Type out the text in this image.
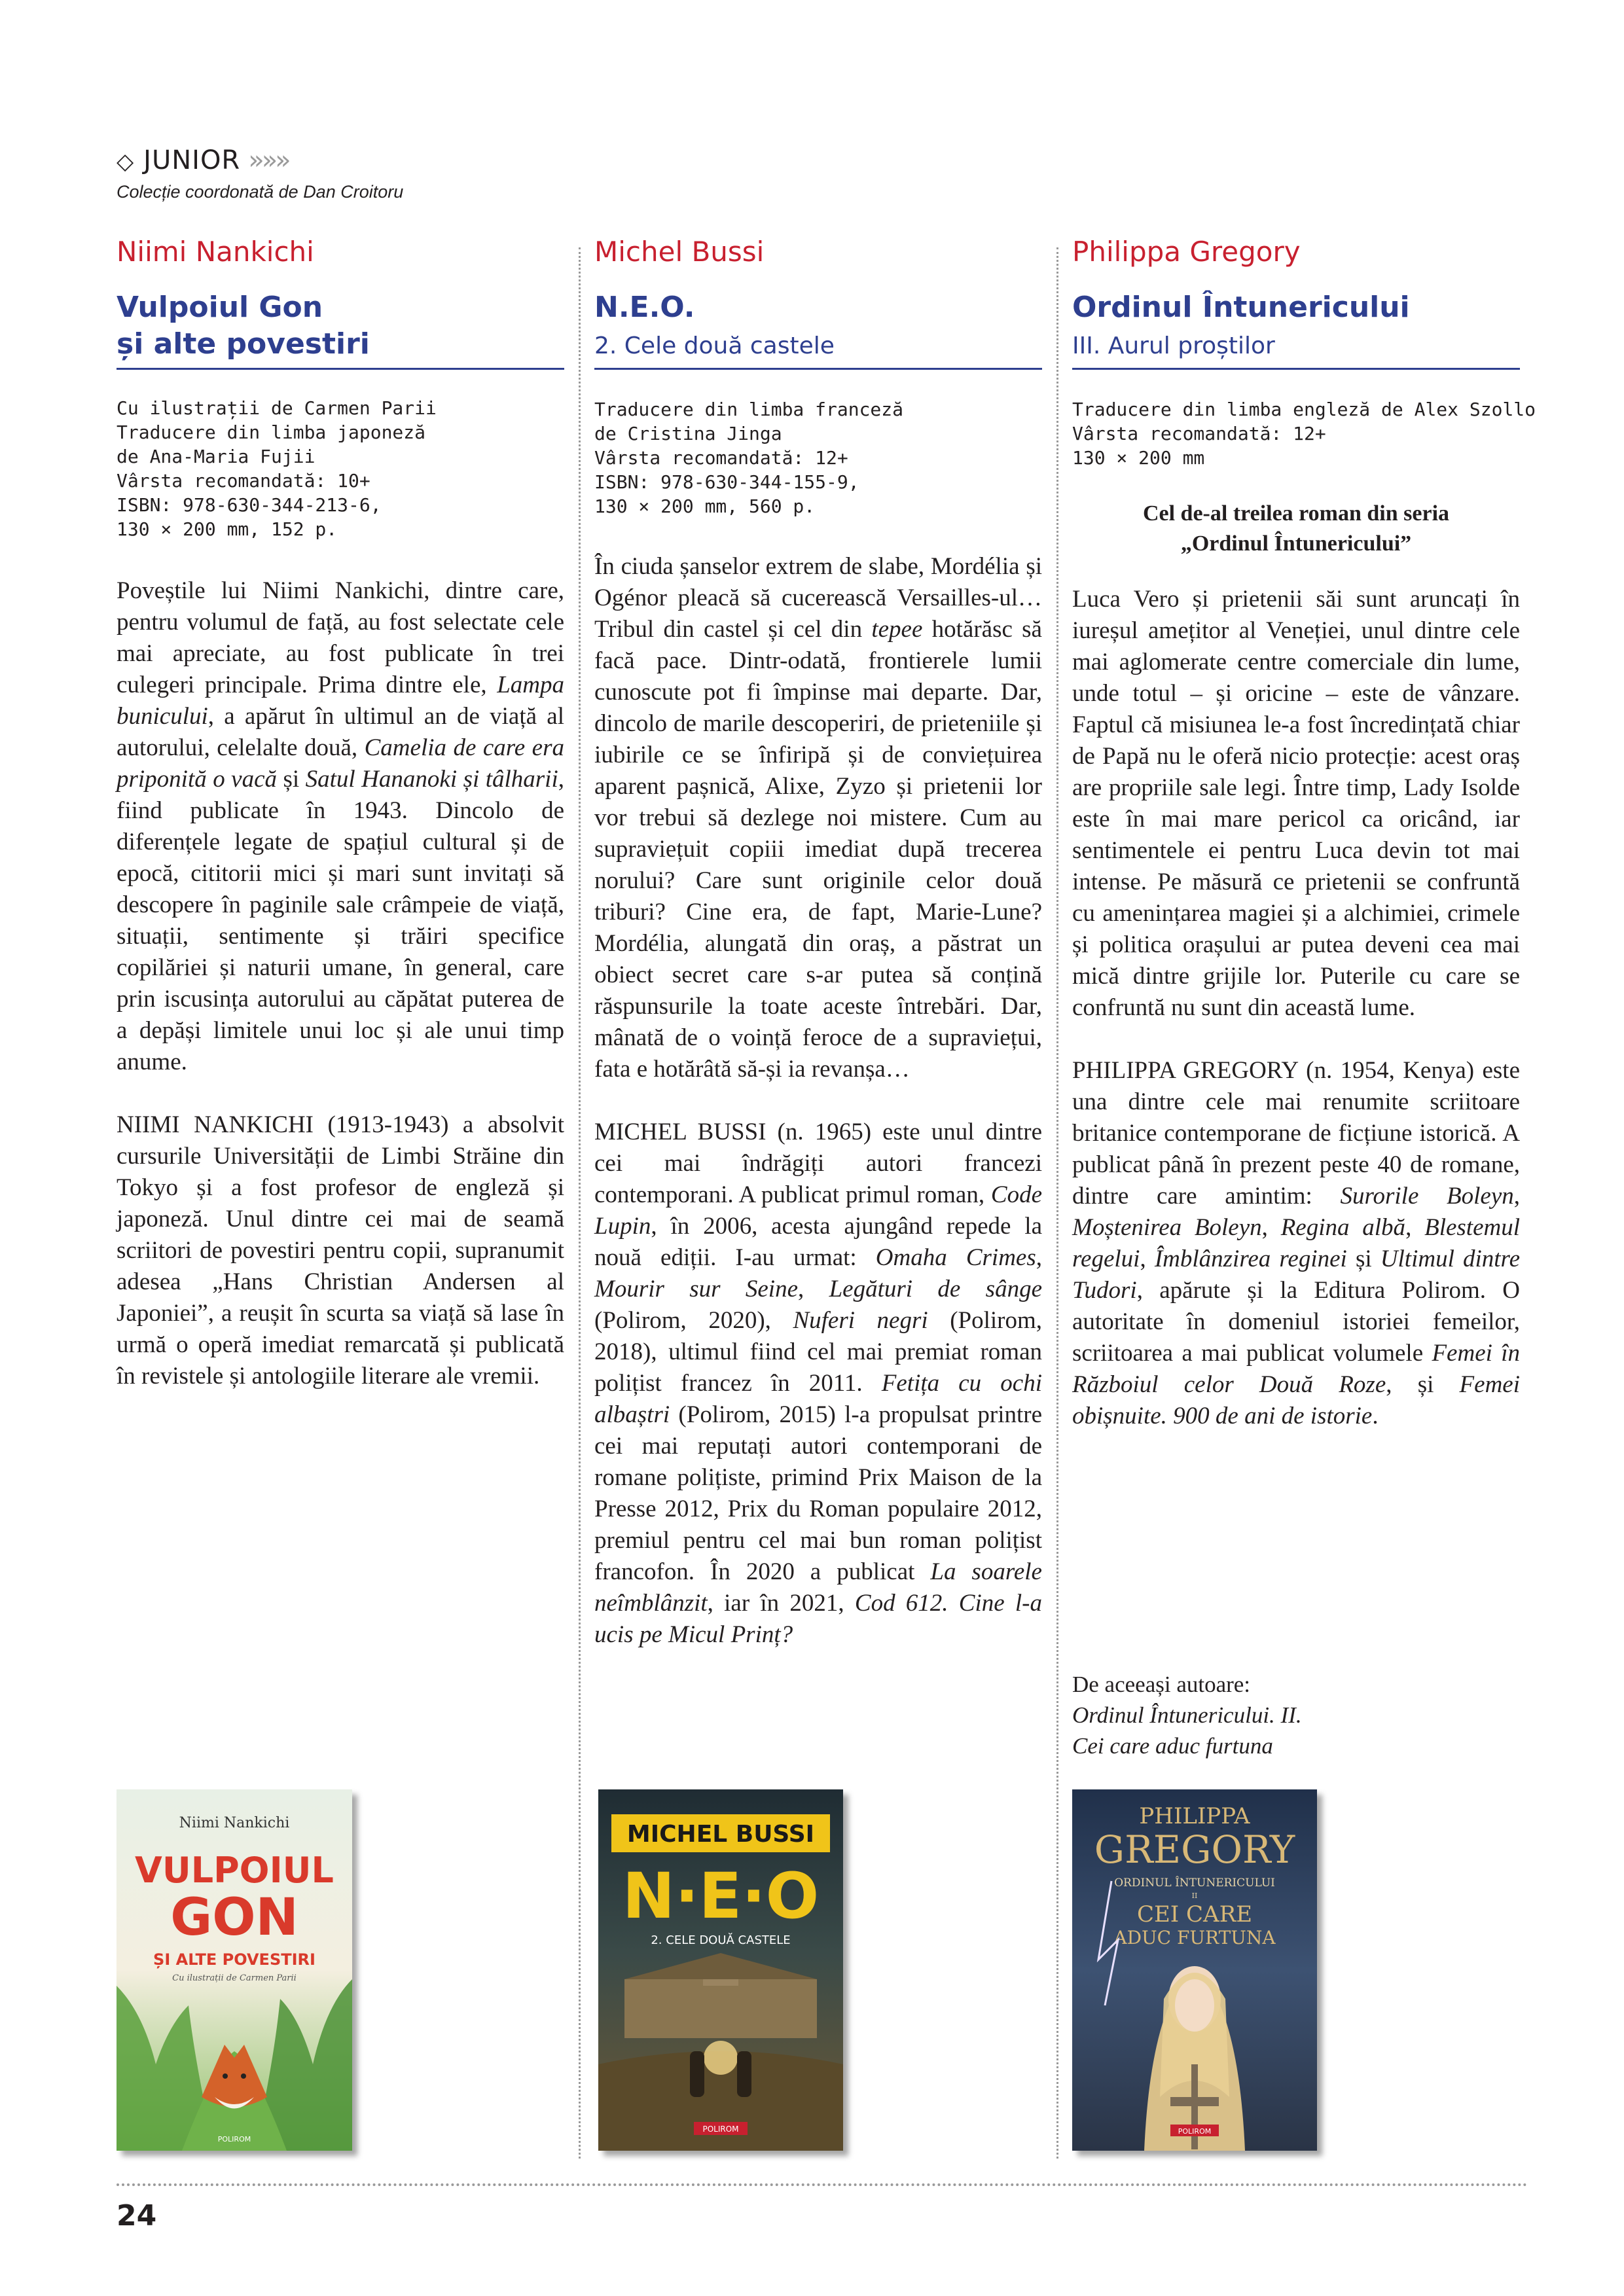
◇ JUNIOR »»»
Colecție coordonată de Dan Croitoru
Niimi Nankichi
Vulpoiul Gon
și alte povestiri
Cu ilustrații de Carmen Parii
Traducere din limba japoneză
de Ana-Maria Fujii
Vârsta recomandată: 10+
ISBN: 978-630-344-213-6,
130 × 200 mm, 152 p.

Poveștile lui Niimi Nankichi, dintre care, pentru volumul de față, au fost selectate cele mai apreciate, au fost publicate în trei culegeri principale. Prima dintre ele, Lampa bunicului, a apărut în ultimul an de viață al autorului, celelalte două, Camelia de care era priponită o vacă și Satul Hananoki și tâlharii, fiind publicate în 1943. Dincolo de diferențele legate de spațiul cultural și de epocă, cititorii mici și mari sunt invitați să descopere în paginile sale crâmpeie de viață, situații, sentimente și trăiri specifice copilăriei și naturii umane, în general, care prin iscusința autorului au căpătat puterea de a depăși limitele unui loc și ale unui timp anume.

NIIMI NANKICHI (1913-1943) a absolvit cursurile Universității de Limbi Străine din Tokyo și a fost profesor de engleză și japoneză. Unul dintre cei mai de seamă scriitori de povestiri pentru copii, supranumit adesea „Hans Christian Andersen al Japoniei”, a reușit în scurta sa viață să lase în urmă o operă imediat remarcată și publicată în revistele și antologiile literare ale vremii.

Michel Bussi
N.E.O.
2. Cele două castele
Traducere din limba franceză
de Cristina Jinga
Vârsta recomandată: 12+
ISBN: 978-630-344-155-9,
130 × 200 mm, 560 p.

În ciuda șanselor extrem de slabe, Mordélia și Ogénor pleacă să cucerească Versailles-ul… Tribul din castel și cel din tepee hotărăsc să facă pace. Dintr-odată, frontierele lumii cunoscute pot fi împinse mai departe. Dar, dincolo de marile descoperiri, de prieteniile și iubirile ce se înfiripă și de conviețuirea aparent pașnică, Alixe, Zyzo și prietenii lor vor trebui să dezlege noi mistere. Cum au supraviețuit copiii imediat după trecerea norului? Care sunt originile celor două triburi? Cine era, de fapt, Marie-Lune? Mordélia, alungată din oraș, a păstrat un obiect secret care s-ar putea să conțină răspunsurile la toate aceste întrebări. Dar, mânată de o voință feroce de a supraviețui, fata e hotărâtă să-și ia revanșa…

MICHEL BUSSI (n. 1965) este unul dintre cei mai îndrăgiți autori francezi contemporani. A publicat primul roman, Code Lupin, în 2006, acesta ajungând repede la nouă ediții. I-au urmat: Omaha Crimes, Mourir sur Seine, Legături de sânge (Polirom, 2020), Nuferi negri (Polirom, 2018), ultimul fiind cel mai premiat roman polițist francez în 2011. Fetița cu ochi albaștri (Polirom, 2015) l-a propulsat printre cei mai reputați autori contemporani de romane polițiste, primind Prix Maison de la Presse 2012, Prix du Roman populaire 2012, premiul pentru cel mai bun roman polițist francofon. În 2020 a publicat La soarele neîmblânzit, iar în 2021, Cod 612. Cine l-a ucis pe Micul Prinț?

Philippa Gregory
Ordinul Întunericului
III. Aurul proștilor
Traducere din limba engleză de Alex Szollo
Vârsta recomandată: 12+
130 × 200 mm
Cel de-al treilea roman din seria
„Ordinul Întunericului”

Luca Vero și prietenii săi sunt aruncați în iureșul amețitor al Veneției, unul dintre cele mai aglomerate centre comerciale din lume, unde totul – și oricine – este de vânzare. Faptul că misiunea le-a fost încredințată chiar de Papă nu le oferă nicio protecție: acest oraș are propriile sale legi. Între timp, Lady Isolde este în mai mare pericol ca oricând, iar sentimentele ei pentru Luca devin tot mai intense. Pe măsură ce prietenii se confruntă cu amenințarea magiei și a alchimiei, crimele și politica orașului ar putea deveni cea mai mică dintre grijile lor. Puterile cu care se confruntă nu sunt din această lume.

PHILIPPA GREGORY (n. 1954, Kenya) este una dintre cele mai renumite scriitoare britanice contemporane de ficțiune istorică. A publicat până în prezent peste 40 de romane, dintre care amintim: Surorile Boleyn, Moștenirea Boleyn, Regina albă, Blestemul regelui, Îmblânzirea reginei și Ultimul dintre Tudori, apărute și la Editura Polirom. O autoritate în domeniul istoriei femeilor, scriitoarea a mai publicat volumele Femei în Războiul celor Două Roze, și Femei obișnuite. 900 de ani de istorie.

De aceeași autoare:
Ordinul Întunericului. II.
Cei care aduc furtuna
Niimi Nankichi
VULPOIUL
GON
ȘI ALTE POVESTIRI
Cu ilustrații de Carmen Parii
POLIROM
MICHEL BUSSI
N·E·O
2. CELE DOUĂ CASTELE
POLIROM
PHILIPPA
GREGORY
ORDINUL ÎNTUNERICULUI
II
CEI CARE
ADUC FURTUNA
POLIROM
24
